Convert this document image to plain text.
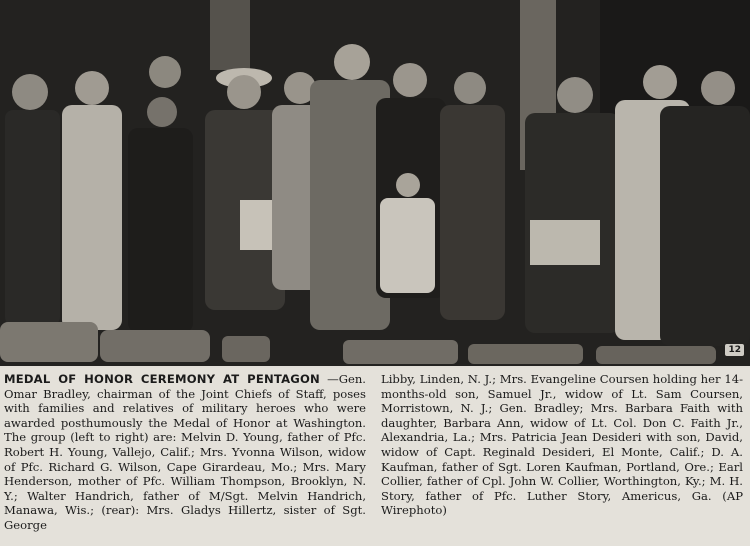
12
MEDAL OF HONOR CEREMONY AT PENTAGON —Gen. Omar Bradley, chairman of the Joint Chiefs of Staff, poses with families and relatives of military heroes who were awarded posthumously the Medal of Honor at Washington. The group (left to right) are: Melvin D. Young, father of Pfc. Robert H. Young, Vallejo, Calif.; Mrs. Yvonna Wilson, widow of Pfc. Richard G. Wilson, Cape Girardeau, Mo.; Mrs. Mary Henderson, mother of Pfc. William Thompson, Brooklyn, N. Y.; Walter Handrich, father of M/Sgt. Melvin Handrich, Manawa, Wis.; (rear): Mrs. Gladys Hillertz, sister of Sgt. George
Libby, Linden, N. J.; Mrs. Evangeline Coursen holding her 14-months-old son, Samuel Jr., widow of Lt. Sam Coursen, Morristown, N. J.; Gen. Bradley; Mrs. Barbara Faith with daughter, Barbara Ann, widow of Lt. Col. Don C. Faith Jr., Alexandria, La.; Mrs. Patricia Jean Desideri with son, David, widow of Capt. Reginald Desideri, El Monte, Calif.; D. A. Kaufman, father of Sgt. Loren Kaufman, Portland, Ore.; Earl Collier, father of Cpl. John W. Collier, Worthington, Ky.; M. H. Story, father of Pfc. Luther Story, Americus, Ga. (AP Wirephoto)
